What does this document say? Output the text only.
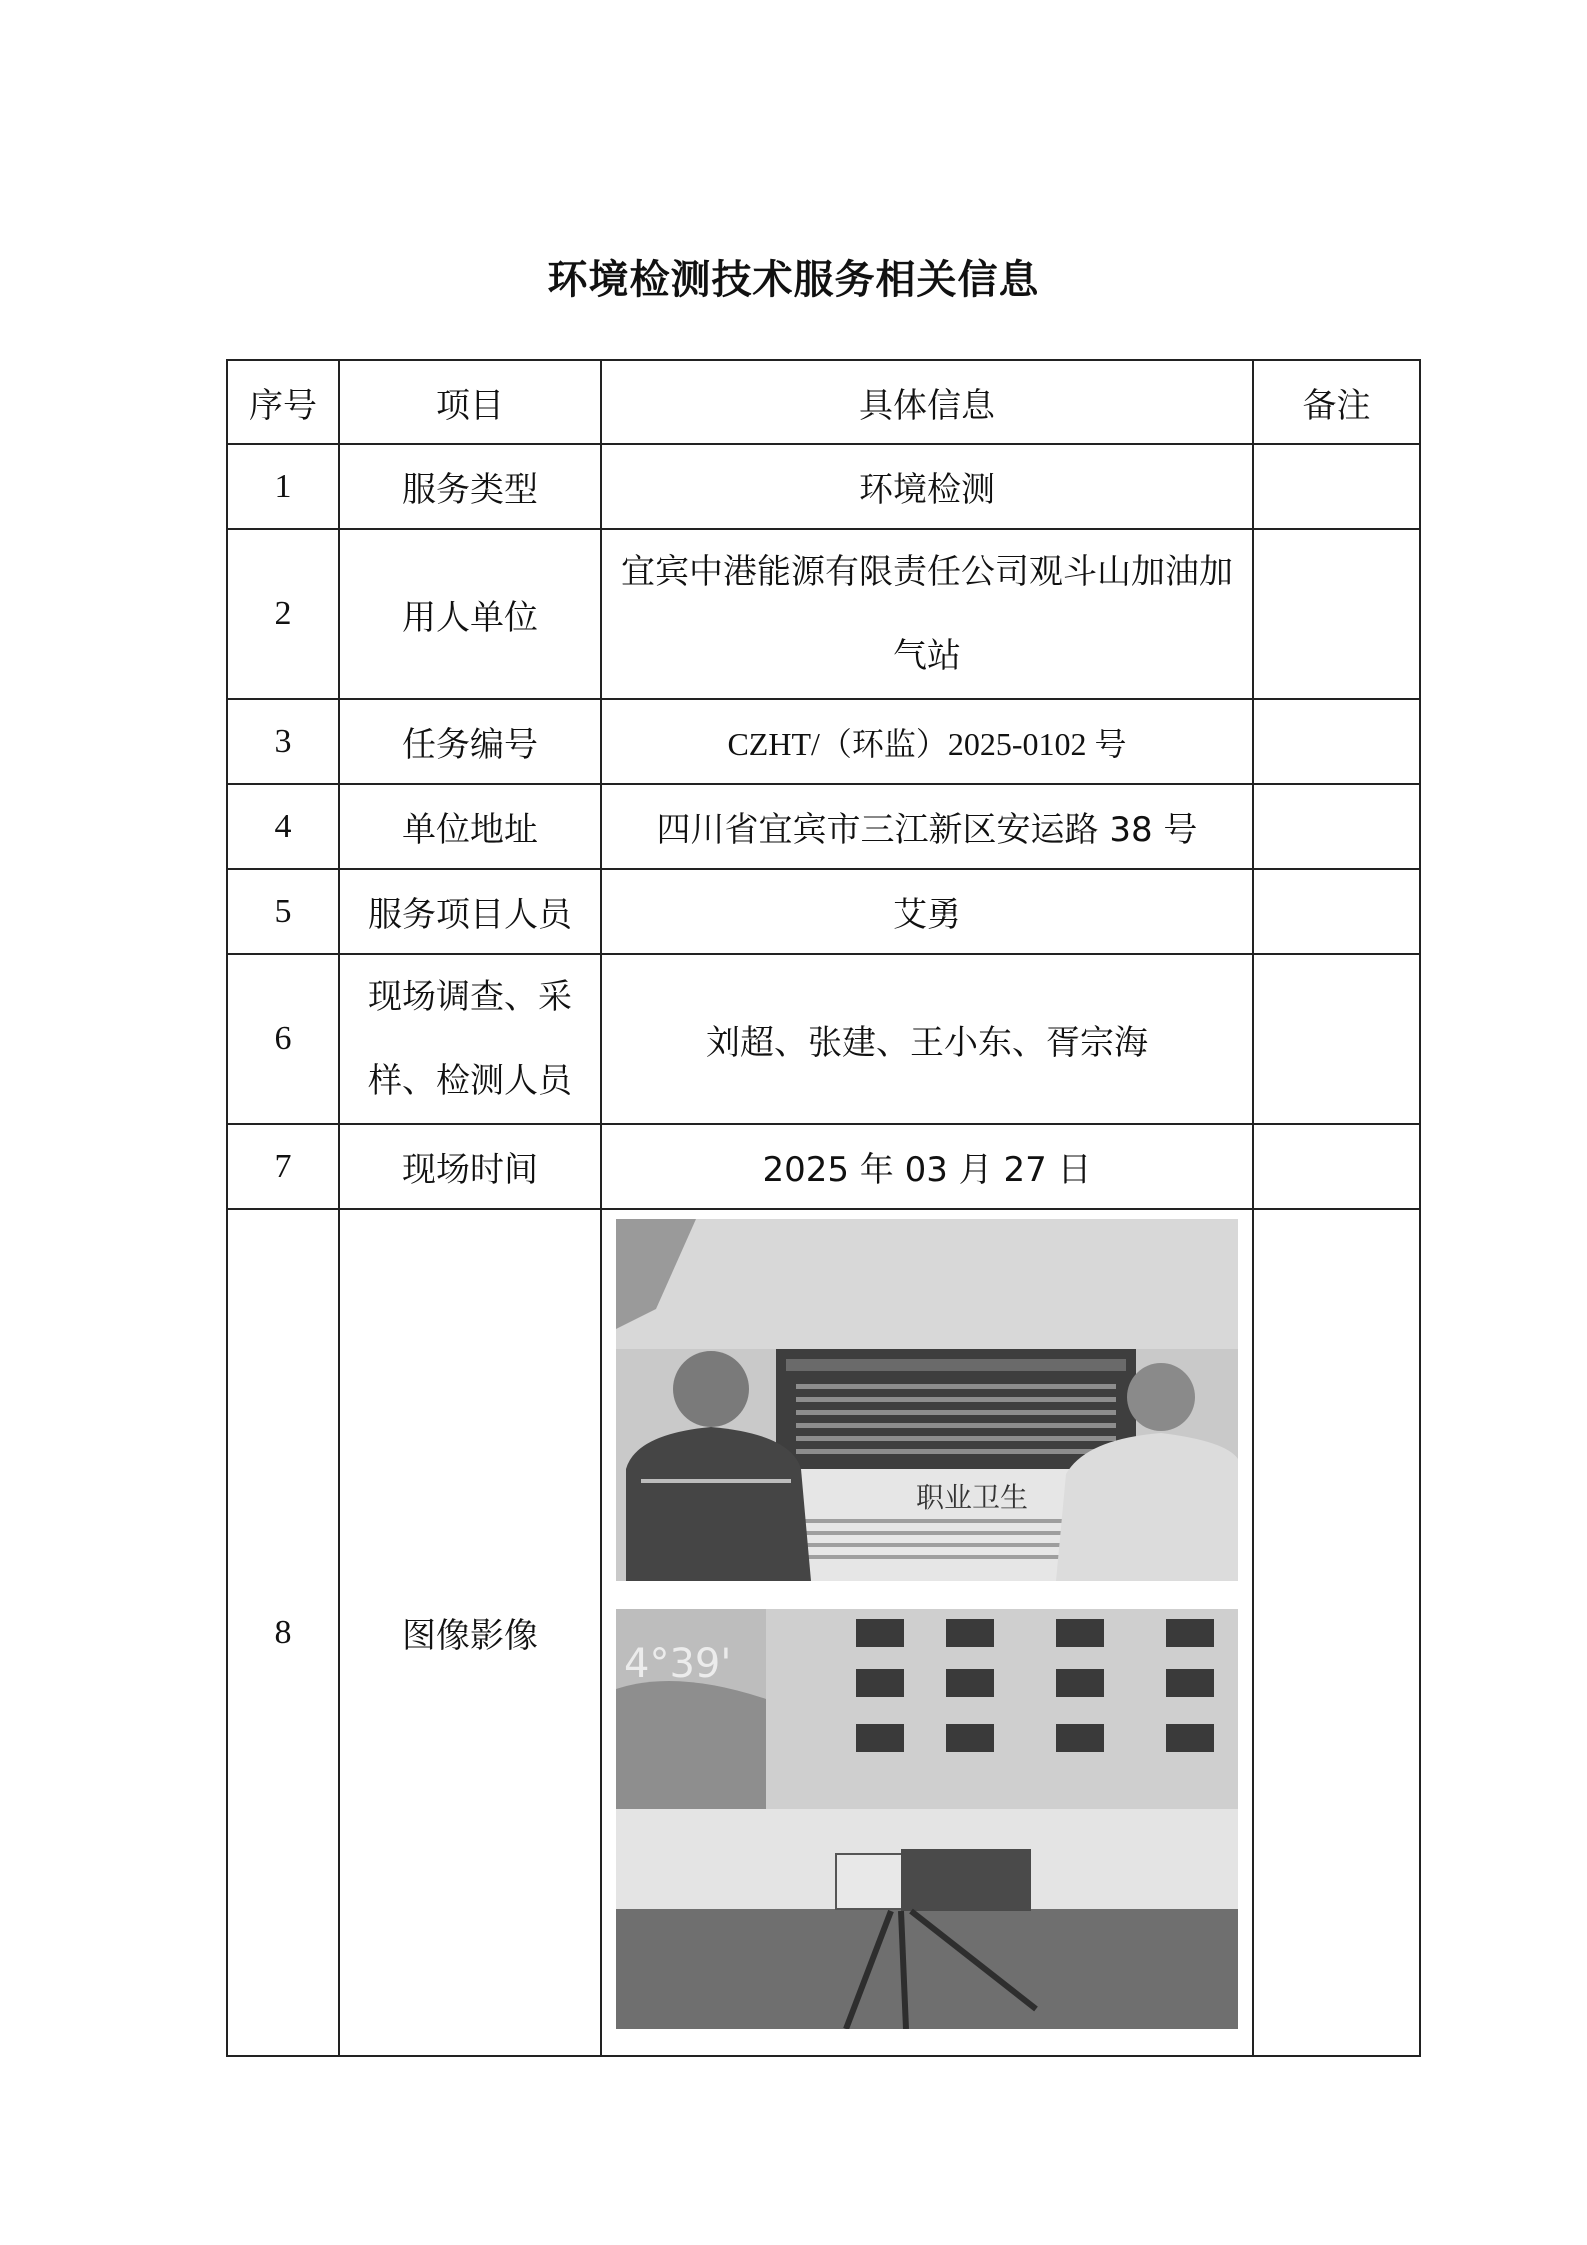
环境检测技术服务相关信息
序号	项目	具体信息	备注
1	服务类型	环境检测	
2	用人单位	宜宾中港能源有限责任公司观斗山加油加气站	
3	任务编号	CZHT/（环监）2025-0102 号	
4	单位地址	四川省宜宾市三江新区安运路 38 号	
5	服务项目人员	艾勇	
6	现场调查、采样、检测人员	刘超、张建、王小东、胥宗海	
7	现场时间	2025 年 03 月 27 日	
8	图像影像	职业卫生
4°39'	
